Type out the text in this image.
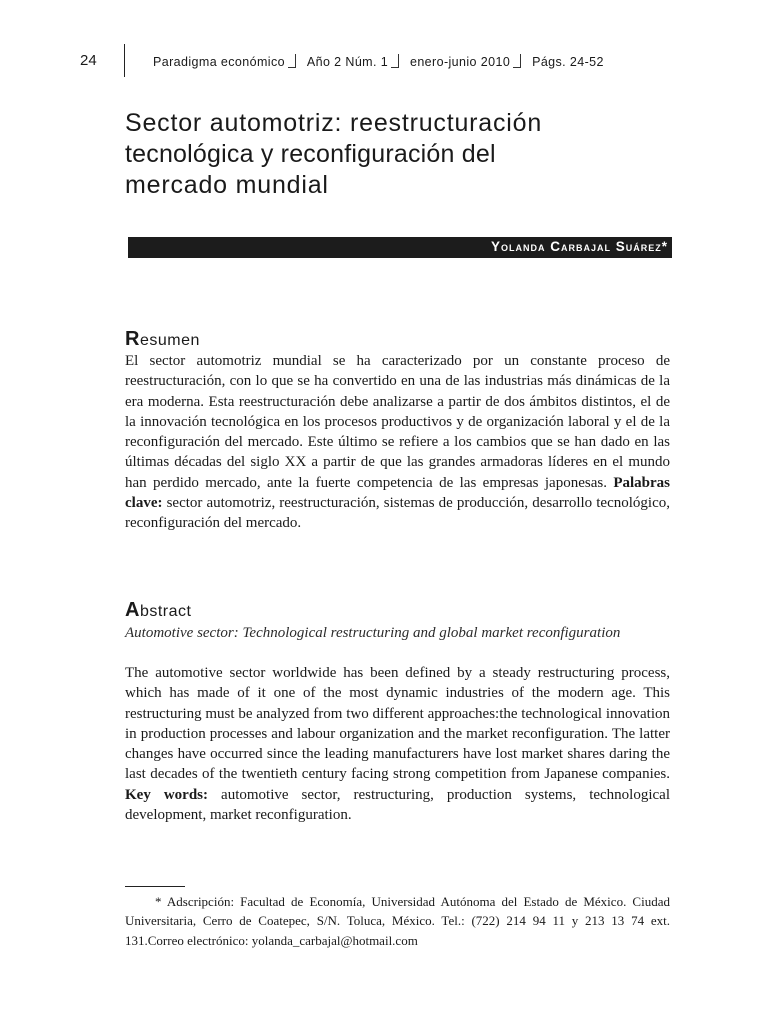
24	Paradigma económico Año 2 Núm. 1 enero-junio 2010 Págs. 24-52
Sector automotriz: reestructuración
tecnológica y reconfiguración del
mercado mundial
Yolanda Carbajal Suárez*
Resumen

El sector automotriz mundial se ha caracterizado por un constante proceso de reestructuración, con lo que se ha convertido en una de las industrias más dinámicas de la era moderna. Esta reestructuración debe analizarse a partir de dos ámbitos distintos, el de la innovación tecnológica en los procesos productivos y de organización laboral y el de la reconfiguración del mercado. Este último se refiere a los cambios que se han dado en las últimas décadas del siglo XX a partir de que las grandes armadoras líderes en el mundo han perdido mercado, ante la fuerte competencia de las empresas japonesas. Palabras clave: sector automotriz, reestructuración, sistemas de producción, desarrollo tecnológico, reconfiguración del mercado.

Abstract

Automotive sector: Technological restructuring and global market reconfiguration

The automotive sector worldwide has been defined by a steady restructuring process, which has made of it one of the most dynamic industries of the modern age. This restructuring must be analyzed from two different approaches:the technological innovation in production processes and labour organization and the market reconfiguration. The latter changes have occurred since the leading manufacturers have lost market shares daring the last decades of the twentieth century facing strong competition from Japanese companies. Key words: automotive sector, restructuring, production systems, technological development, market reconfiguration.

* Adscripción: Facultad de Economía, Universidad Autónoma del Estado de México. Ciudad Universitaria, Cerro de Coatepec, S/N. Toluca, México. Tel.: (722) 214 94 11 y 213 13 74 ext. 131.Correo electrónico: yolanda_carbajal@hotmail.com
